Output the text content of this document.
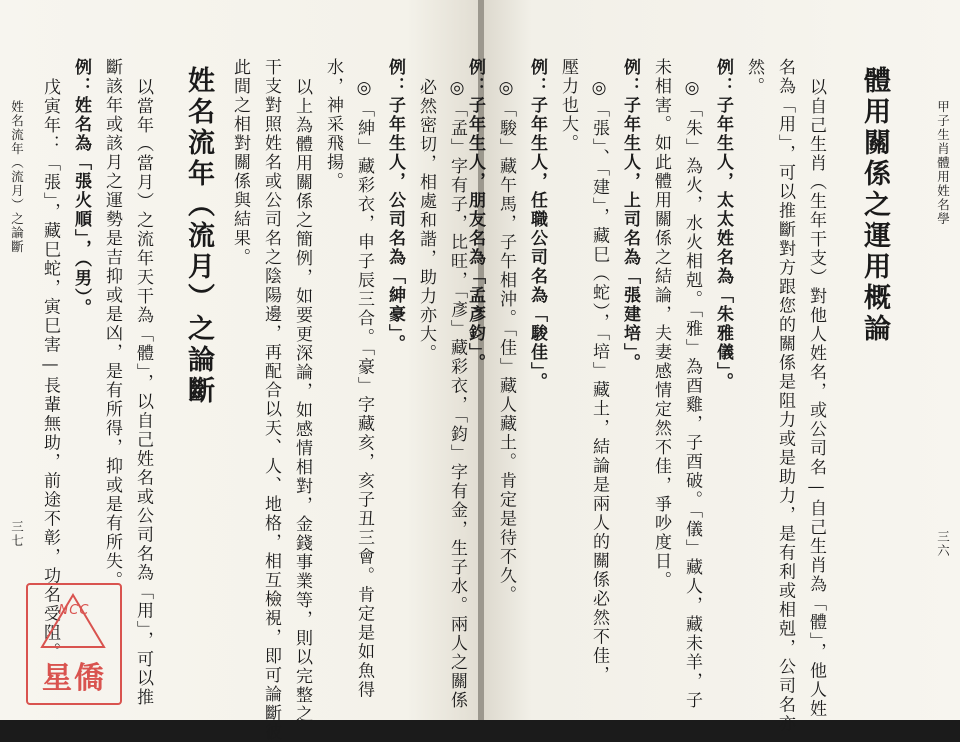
◎「孟」字有子，比旺，「彥」藏彩衣，「鈞」字有金，生子水。兩人之關係
必然密切，相處和諧，助力亦大。
例：子年生人，公司名為「紳豪」。
◎「紳」藏彩衣，申子辰三合。「豪」字藏亥，亥子丑三會。肯定是如魚得
水，神采飛揚。
以上為體用關係之簡例，如要更深論，如感情相對，金錢事業等，則以完整之
干支對照姓名或公司名之陰陽邊，再配合以天、人、地格，相互檢視，即可論斷彼
此間之相對關係與結果。
姓名流年（流月）之論斷
以當年（當月）之流年天干為「體」，以自己姓名或公司名為「用」，可以推
斷該年或該月之運勢是吉抑或是凶，是有所得，抑或是有所失。
例：姓名為「張火順」，（男）。
戊寅年：「張」，藏巳蛇，寅巳害—長輩無助，前途不彰，功名受阻。
姓名流年（流月）之論斷
三七
NCC
星僑
甲子生肖體用姓名學
三六
體用關係之運用概論
以自己生肖（生年干支）對他人姓名，或公司名—自己生肖為「體」，他人姓
名為「用」，可以推斷對方跟您的關係是阻力或是助力，是有利或相剋，公司名亦
然。
例：子年生人，太太姓名為「朱雅儀」。
◎「朱」為火，水火相剋。「雅」為酉雞，子酉破。「儀」藏人，藏未羊，子
未相害。如此體用關係之結論，夫妻感情定然不佳，爭吵度日。
例：子年生人，上司名為「張建培」。
◎「張」、「建」，藏巳（蛇），「培」藏土，結論是兩人的關係必然不佳，
壓力也大。
例：子年生人，任職公司名為「駿佳」。
◎「駿」藏午馬，子午相沖。「佳」藏人藏土。肯定是待不久。
例：子年生人，朋友名為「孟彥鈞」。
